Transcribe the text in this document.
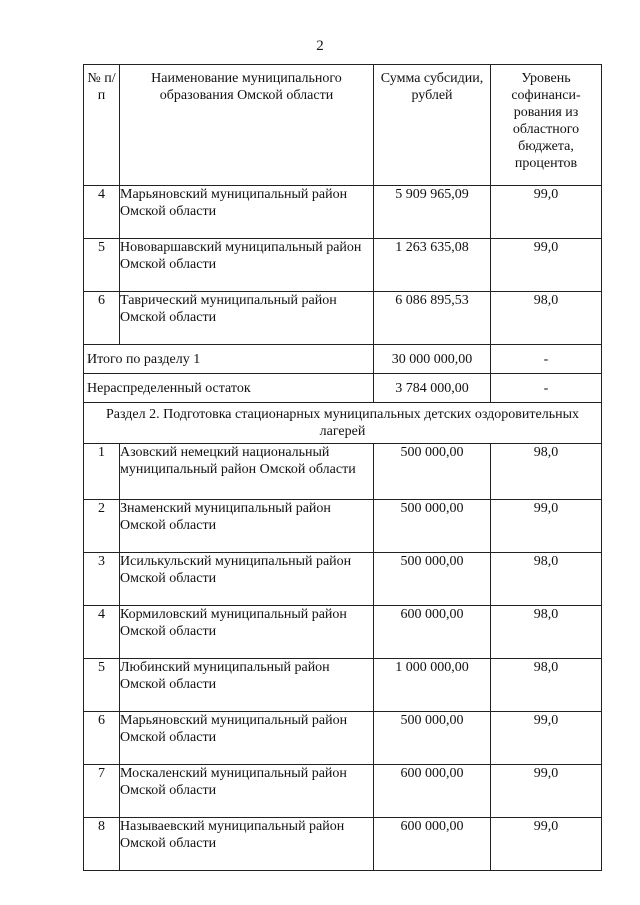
2
№ п/п	Наименование муниципального образования Омской области	Сумма субсидии, рублей	Уровень софинанси-рования из областного бюджета, процентов
4	Марьяновский муниципальный район Омской области	5 909 965,09	99,0
5	Нововаршавский муниципальный район Омской области	1 263 635,08	99,0
6	Таврический муниципальный район Омской области	6 086 895,53	98,0
Итого по разделу 1		30 000 000,00	-
Нераспределенный остаток		3 784 000,00	-
Раздел 2. Подготовка стационарных муниципальных детских оздоровительных лагерей			
1	Азовский немецкий национальный муниципальный район Омской области	500 000,00	98,0
2	Знаменский муниципальный район Омской области	500 000,00	99,0
3	Исилькульский муниципальный район Омской области	500 000,00	98,0
4	Кормиловский муниципальный район Омской области	600 000,00	98,0
5	Любинский муниципальный район Омской области	1 000 000,00	98,0
6	Марьяновский муниципальный район Омской области	500 000,00	99,0
7	Москаленский муниципальный район Омской области	600 000,00	99,0
8	Называевский муниципальный район Омской области	600 000,00	99,0
